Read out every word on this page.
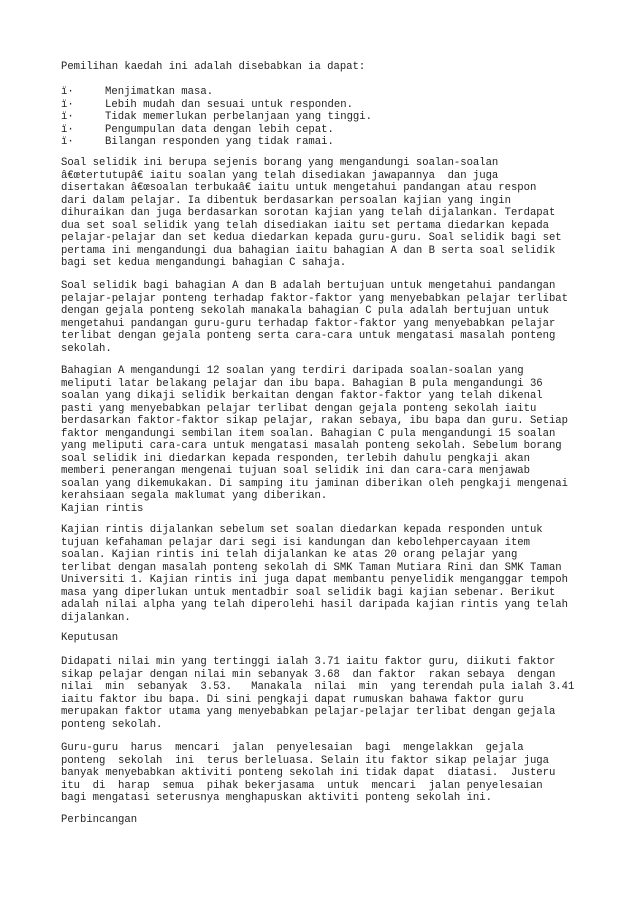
Pemilihan kaedah ini adalah disebabkan ia dapat:
ï·	Menjimatkan masa.
ï·	Lebih mudah dan sesuai untuk responden.
ï·	Tidak memerlukan perbelanjaan yang tinggi.
ï·	Pengumpulan data dengan lebih cepat.
ï·	Bilangan responden yang tidak ramai.
Soal selidik ini berupa sejenis borang yang mengandungi soalan-soalan
â€œtertutupâ€ iaitu soalan yang telah disediakan jawapannya  dan juga
disertakan â€œsoalan terbukaâ€ iaitu untuk mengetahui pandangan atau respon
dari dalam pelajar. Ia dibentuk berdasarkan persoalan kajian yang ingin
dihuraikan dan juga berdasarkan sorotan kajian yang telah dijalankan. Terdapat
dua set soal selidik yang telah disediakan iaitu set pertama diedarkan kepada
pelajar-pelajar dan set kedua diedarkan kepada guru-guru. Soal selidik bagi set
pertama ini mengandungi dua bahagian iaitu bahagian A dan B serta soal selidik
bagi set kedua mengandungi bahagian C sahaja.
Soal selidik bagi bahagian A dan B adalah bertujuan untuk mengetahui pandangan
pelajar-pelajar ponteng terhadap faktor-faktor yang menyebabkan pelajar terlibat
dengan gejala ponteng sekolah manakala bahagian C pula adalah bertujuan untuk
mengetahui pandangan guru-guru terhadap faktor-faktor yang menyebabkan pelajar
terlibat dengan gejala ponteng serta cara-cara untuk mengatasi masalah ponteng
sekolah.
Bahagian A mengandungi 12 soalan yang terdiri daripada soalan-soalan yang
meliputi latar belakang pelajar dan ibu bapa. Bahagian B pula mengandungi 36
soalan yang dikaji selidik berkaitan dengan faktor-faktor yang telah dikenal
pasti yang menyebabkan pelajar terlibat dengan gejala ponteng sekolah iaitu
berdasarkan faktor-faktor sikap pelajar, rakan sebaya, ibu bapa dan guru. Setiap
faktor mengandungi sembilan item soalan. Bahagian C pula mengandungi 15 soalan
yang meliputi cara-cara untuk mengatasi masalah ponteng sekolah. Sebelum borang
soal selidik ini diedarkan kepada responden, terlebih dahulu pengkaji akan
memberi penerangan mengenai tujuan soal selidik ini dan cara-cara menjawab
soalan yang dikemukakan. Di samping itu jaminan diberikan oleh pengkaji mengenai
kerahsiaan segala maklumat yang diberikan.
Kajian rintis
Kajian rintis dijalankan sebelum set soalan diedarkan kepada responden untuk
tujuan kefahaman pelajar dari segi isi kandungan dan kebolehpercayaan item
soalan. Kajian rintis ini telah dijalankan ke atas 20 orang pelajar yang
terlibat dengan masalah ponteng sekolah di SMK Taman Mutiara Rini dan SMK Taman
Universiti 1. Kajian rintis ini juga dapat membantu penyelidik menganggar tempoh
masa yang diperlukan untuk mentadbir soal selidik bagi kajian sebenar. Berikut
adalah nilai alpha yang telah diperolehi hasil daripada kajian rintis yang telah
dijalankan.
Keputusan
Didapati nilai min yang tertinggi ialah 3.71 iaitu faktor guru, diikuti faktor
sikap pelajar dengan nilai min sebanyak 3.68  dan faktor  rakan sebaya  dengan
nilai  min  sebanyak  3.53.   Manakala  nilai  min  yang terendah pula ialah 3.41
iaitu faktor ibu bapa. Di sini pengkaji dapat rumuskan bahawa faktor guru
merupakan faktor utama yang menyebabkan pelajar-pelajar terlibat dengan gejala
ponteng sekolah.
Guru-guru  harus  mencari  jalan  penyelesaian  bagi  mengelakkan  gejala
ponteng  sekolah  ini  terus berleluasa. Selain itu faktor sikap pelajar juga
banyak menyebabkan aktiviti ponteng sekolah ini tidak dapat  diatasi.  Justeru
itu  di  harap  semua  pihak bekerjasama  untuk  mencari  jalan penyelesaian
bagi mengatasi seterusnya menghapuskan aktiviti ponteng sekolah ini.
Perbincangan
